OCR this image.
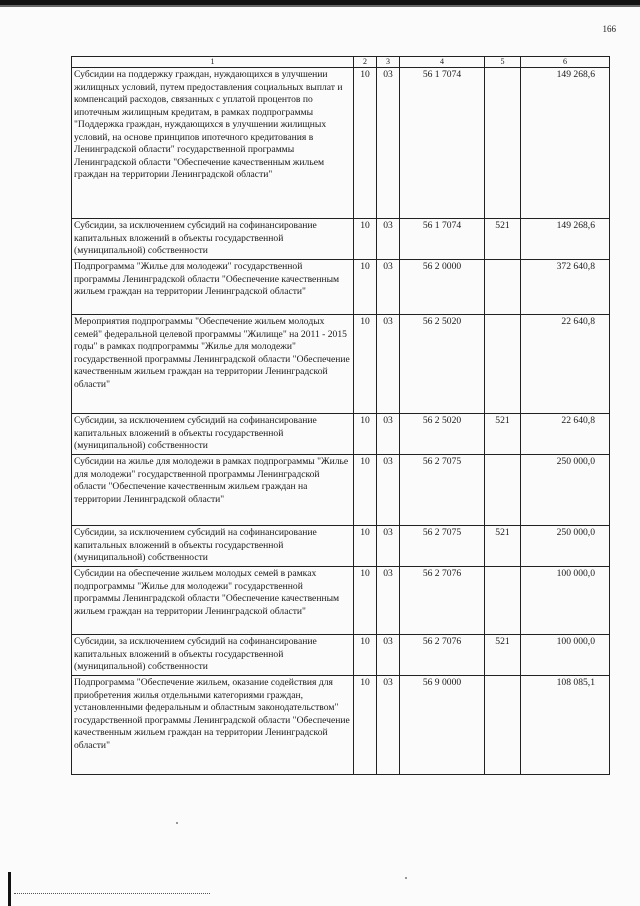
166
1	2	3	4	5	6
Субсидии на поддержку граждан, нуждающихся в улучшении жилищных условий, путем предоставления социальных выплат и компенсаций расходов, связанных с уплатой процентов по ипотечным жилищным кредитам, в рамках подпрограммы "Поддержка граждан, нуждающихся в улучшении жилищных условий, на основе принципов ипотечного кредитования в Ленинградской области" государственной программы Ленинградской области "Обеспечение качественным жильем граждан на территории Ленинградской области"	10	03	56 1 7074		149 268,6
Субсидии, за исключением субсидий на софинансирование капитальных вложений в объекты государственной (муниципальной) собственности	10	03	56 1 7074	521	149 268,6
Подпрограмма "Жилье для молодежи" государственной программы Ленинградской области "Обеспечение качественным жильем граждан на территории Ленинградской области"	10	03	56 2 0000		372 640,8
Мероприятия подпрограммы "Обеспечение жильем молодых семей" федеральной целевой программы "Жилище" на 2011 - 2015 годы" в рамках подпрограммы "Жилье для молодежи" государственной программы Ленинградской области "Обеспечение качественным жильем граждан на территории Ленинградской области"	10	03	56 2 5020		22 640,8
Субсидии, за исключением субсидий на софинансирование капитальных вложений в объекты государственной (муниципальной) собственности	10	03	56 2 5020	521	22 640,8
Субсидии на жилье для молодежи в рамках подпрограммы "Жилье для молодежи" государственной программы Ленинградской области "Обеспечение качественным жильем граждан на территории Ленинградской области"	10	03	56 2 7075		250 000,0
Субсидии, за исключением субсидий на софинансирование капитальных вложений в объекты государственной (муниципальной) собственности	10	03	56 2 7075	521	250 000,0
Субсидии на обеспечение жильем молодых семей в рамках подпрограммы "Жилье для молодежи" государственной программы Ленинградской области "Обеспечение качественным жильем граждан на территории Ленинградской области"	10	03	56 2 7076		100 000,0
Субсидии, за исключением субсидий на софинансирование капитальных вложений в объекты государственной (муниципальной) собственности	10	03	56 2 7076	521	100 000,0
Подпрограмма "Обеспечение жильем, оказание содействия для приобретения жилья отдельными категориями граждан, установленными федеральным и областным законодательством" государственной программы Ленинградской области "Обеспечение качественным жильем граждан на территории Ленинградской области"	10	03	56 9 0000		108 085,1
